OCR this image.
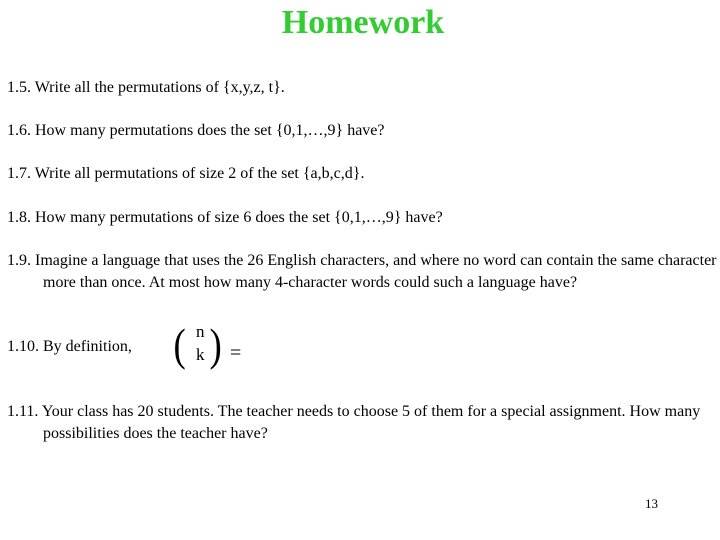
Homework
1.5. Write all the permutations of {x,y,z, t}.
1.6. How many permutations does the set {0,1,…,9} have?
1.7. Write all permutations of size 2 of the set {a,b,c,d}.
1.8. How many permutations of size 6 does the set {0,1,…,9} have?
1.9. Imagine a language that uses the 26 English characters, and where no word can contain the same character more than once. At most how many 4-character words could such a language have?
1.10. By definition, ( n
k ) =
1.11. Your class has 20 students. The teacher needs to choose 5 of them for a special assignment. How many possibilities does the teacher have?
13
